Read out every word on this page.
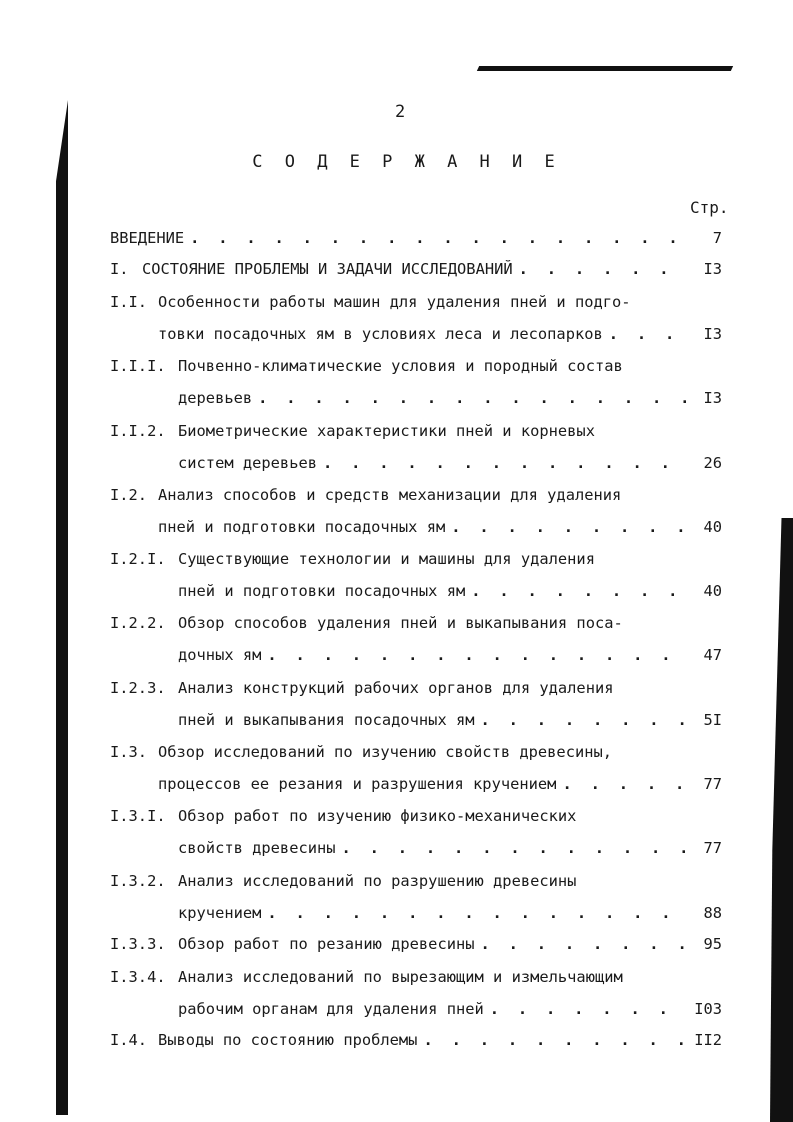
2
С О Д Е Р Ж А Н И Е
Стр.
ВВЕДЕНИЕ . . .	7
I. СОСТОЯНИЕ ПРОБЛЕМЫ И ЗАДАЧИ ИССЛЕДОВАНИЙ . . .	I3
I.I. Особенности работы машин для удаления пней и подго-
товки посадочных ям в условиях леса и лесопарков . . .	I3
I.I.I. Почвенно-климатические условия и породный состав
деревьев . . .	I3
I.I.2. Биометрические характеристики пней и корневых
систем деревьев . . .	26
I.2. Анализ способов и средств механизации для удаления
пней и подготовки посадочных ям . . .	40
I.2.I. Существующие технологии и машины для удаления
пней и подготовки посадочных ям . . .	40
I.2.2. Обзор способов удаления пней и выкапывания поса-
дочных ям . . .	47
I.2.3. Анализ конструкций рабочих органов для удаления
пней и выкапывания посадочных ям . . .	5I
I.3. Обзор исследований по изучению свойств древесины,
процессов ее резания и разрушения кручением . . .	77
I.3.I. Обзор работ по изучению физико-механических
свойств древесины . . .	77
I.3.2. Анализ исследований по разрушению древесины
кручением . . .	88
I.3.3. Обзор работ по резанию древесины . . .	95
I.3.4. Анализ исследований по вырезающим и измельчающим
рабочим органам для удаления пней . . .	I03
I.4. Выводы по состоянию проблемы . . .	II2
